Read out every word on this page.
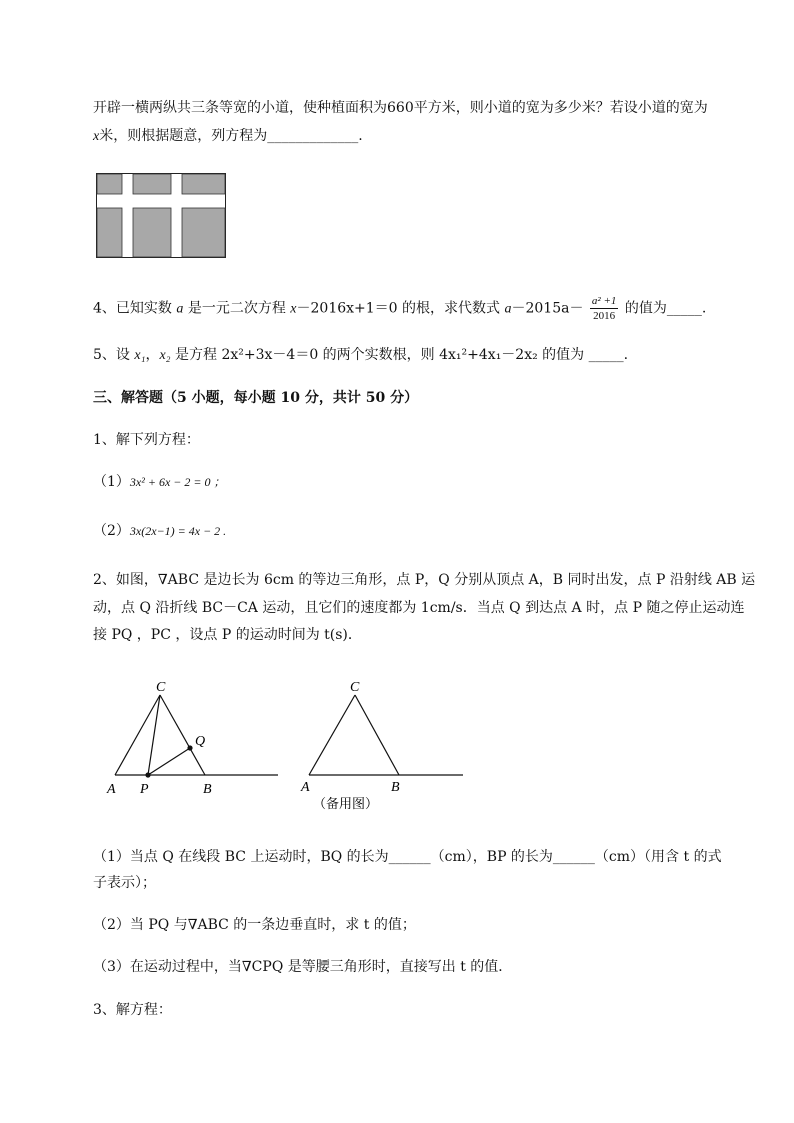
开辟一横两纵共三条等宽的小道，使种植面积为660平方米，则小道的宽为多少米？若设小道的宽为
x米，则根据题意，列方程为_____________.
4、已知实数 a 是一元二次方程 x－2016x+1＝0 的根，求代数式 $a-2015a- \frac{\text{a² +1}}{2016}$ 的值为_____.
5、设 x₁，x₂ 是方程 2x²+3x－4＝0 的两个实数根，则 4x₁²+4x₁－2x₂ 的值为 _____.
三、解答题（5 小题，每小题 10 分，共计 50 分）
1、解下列方程：
（1）3x² + 6x − 2 = 0 ；
（2）3x(2x−1) = 4x − 2 .
2、如图，∇ABC 是边长为 6cm 的等边三角形，点 P，Q 分别从顶点 A，B 同时出发，点 P 沿射线 AB 运
动，点 Q 沿折线 BC－CA 运动，且它们的速度都为 1cm/s．当点 Q 到达点 A 时，点 P 随之停止运动连
接 PQ ，PC ，设点 P 的运动时间为 t(s)．
C
Q
A P	B
C
A	B
（备用图）
（1）当点 Q 在线段 BC 上运动时，BQ 的长为______（cm），BP 的长为______（cm）（用含 t 的式
子表示）；
（2）当 PQ 与∇ABC 的一条边垂直时，求 t 的值；
（3）在运动过程中，当∇CPQ 是等腰三角形时，直接写出 t 的值．
3、解方程：
